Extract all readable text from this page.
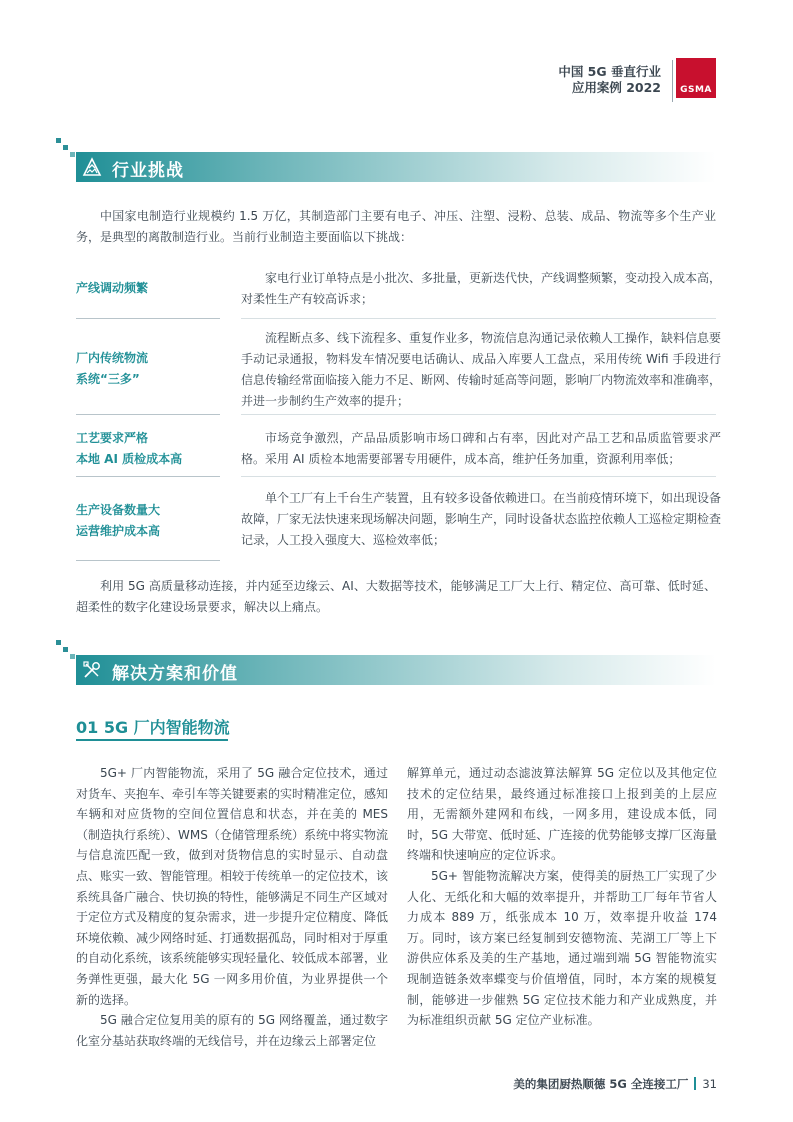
中国 5G 垂直行业
应用案例 2022	GSMA
行业挑战
中国家电制造行业规模约 1.5 万亿，其制造部门主要有电子、冲压、注塑、浸粉、总装、成品、物流等多个生产业务，是典型的离散制造行业。当前行业制造主要面临以下挑战：
产线调动频繁
家电行业订单特点是小批次、多批量，更新迭代快，产线调整频繁，变动投入成本高，对柔性生产有较高诉求；
厂内传统物流
系统“三多”
流程断点多、线下流程多、重复作业多，物流信息沟通记录依赖人工操作，缺料信息要手动记录通报，物料发车情况要电话确认、成品入库要人工盘点，采用传统 Wifi 手段进行信息传输经常面临接入能力不足、断网、传输时延高等问题，影响厂内物流效率和准确率，并进一步制约生产效率的提升；
工艺要求严格
本地 AI 质检成本高
市场竞争激烈，产品品质影响市场口碑和占有率，因此对产品工艺和品质监管要求严格。采用 AI 质检本地需要部署专用硬件，成本高，维护任务加重，资源利用率低；
生产设备数量大
运营维护成本高
单个工厂有上千台生产装置，且有较多设备依赖进口。在当前疫情环境下，如出现设备故障，厂家无法快速来现场解决问题，影响生产，同时设备状态监控依赖人工巡检定期检查记录，人工投入强度大、巡检效率低；
利用 5G 高质量移动连接，并内延至边缘云、AI、大数据等技术，能够满足工厂大上行、精定位、高可靠、低时延、超柔性的数字化建设场景要求，解决以上痛点。
解决方案和价值
01 5G 厂内智能物流

5G+ 厂内智能物流，采用了 5G 融合定位技术，通过对货车、夹抱车、牵引车等关键要素的实时精准定位，感知车辆和对应货物的空间位置信息和状态，并在美的 MES（制造执行系统）、WMS（仓储管理系统）系统中将实物流与信息流匹配一致，做到对货物信息的实时显示、自动盘点、账实一致、智能管理。相较于传统单一的定位技术，该系统具备广融合、快切换的特性，能够满足不同生产区域对于定位方式及精度的复杂需求，进一步提升定位精度、降低环境依赖、减少网络时延、打通数据孤岛，同时相对于厚重的自动化系统，该系统能够实现轻量化、较低成本部署，业务弹性更强，最大化 5G 一网多用价值，为业界提供一个新的选择。

5G 融合定位复用美的原有的 5G 网络覆盖，通过数字化室分基站获取终端的无线信号，并在边缘云上部署定位

解算单元，通过动态滤波算法解算 5G 定位以及其他定位技术的定位结果，最终通过标准接口上报到美的上层应用，无需额外建网和布线，一网多用，建设成本低，同时，5G 大带宽、低时延、广连接的优势能够支撑厂区海量终端和快速响应的定位诉求。

5G+ 智能物流解决方案，使得美的厨热工厂实现了少人化、无纸化和大幅的效率提升，并帮助工厂每年节省人力成本 889 万，纸张成本 10 万，效率提升收益 174 万。同时，该方案已经复制到安德物流、芜湖工厂等上下游供应体系及美的生产基地，通过端到端 5G 智能物流实现制造链条效率蝶变与价值增值，同时，本方案的规模复制，能够进一步催熟 5G 定位技术能力和产业成熟度，并为标准组织贡献 5G 定位产业标准。

美的集团厨热顺德 5G 全连接工厂 31
